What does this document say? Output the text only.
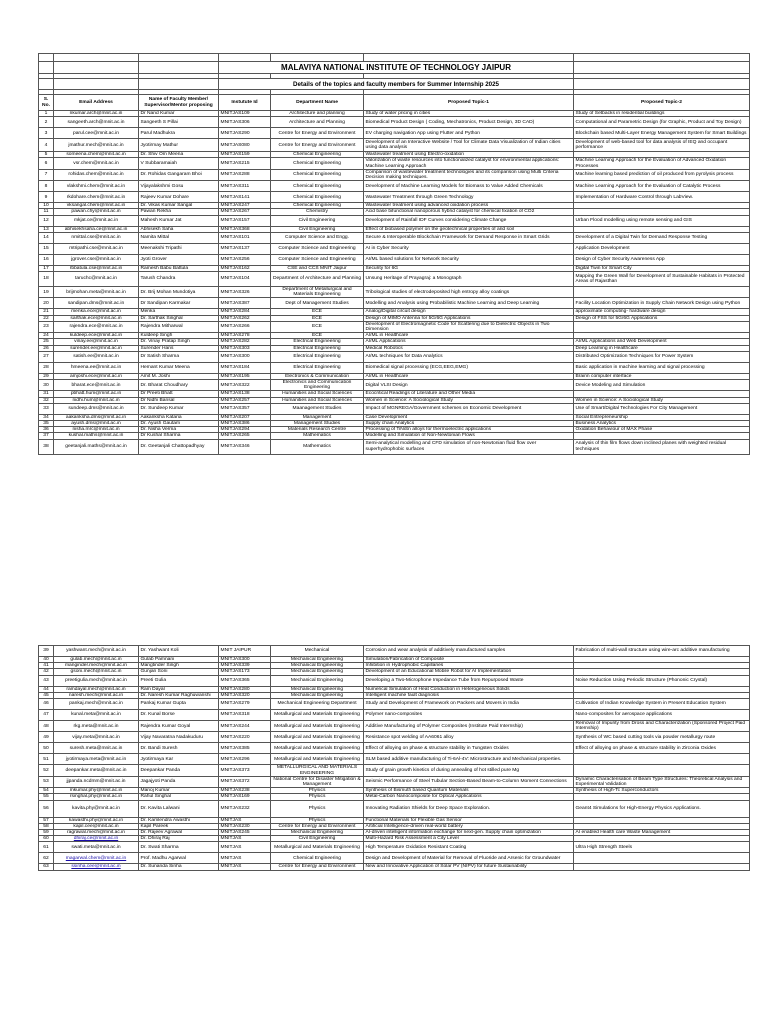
			MALAVIYA NATIONAL INSTITUTE OF TECHNOLOGY JAIPUR			

			Details of the topics and faculty members for Summer Internship 2025			

S. No.	Email Address	Name of Faculty Member/ Supervisor/Mentor proposing	Instutute Id	Department Name	Proposed Topic-1	Proposed Topic-2
1	nkumar.arch@mnit.ac.in	Dr Nand Kumar	MNITJAS109	Architecture and planning	Study of water pricing in cities	Study of Setbacks in residential buildings
2	sangeeth.arch@mnit.ac.in	Sangeeth S Pillai	MNITJAS306	Architecture and Planning	Biomedical Product Design ( Coding, Mechatronics, Product Design, 3D CAD)	Computational and Parametric Design (for Graphic, Product and Toy Design)
3	parul.cee@mnit.ac.in	Parul Madhukra	MNITJAS290	Centre for Energy and Environment	EV charging navigation App using Flutter and Python	Blockchain based Multi-Layer Energy Management System for Smart Buildings
4	jmathur.mech@mnit.ac.in	Jyotirmay Mathur	MNITJAS080	Centre for Energy and Environment	Development of an Interactive Website / Tool for Climate Data Visualization of Indian cities using data analysis	Development of web-based tool for data analysis of IEQ and occupant performance
5	someena.chem@mnit.ac.in	Dr. Shiv Om Meena	MNITJAS159	Chemical Engineering	Wastewater treatment using Electro-oxidation	
6	vsr.chem@mnit.ac.in	V Subbaramaiah	MNITJAS215	Chemical Engineering	Valorization of waste resources into functionalized catalyst for environmental applications: Machine Learning Approach	Machine Learning Approach for the Evaluation of Advanced Oxidation Processes
7	rohidas.chem@mnit.ac.in	Dr. Rohidas Gangaram Bhoi	MNITJAS288	Chemical Engineering	Comparison of wastewater treatment technologies and its comparison using Multi Criteria Decision making techniques.	Machine learning based prediction of oil produced from pyrolysis process
8	vlakshmi.chem@mnit.ac.in	Vijayalakshmi Gosu	MNITJAS311	Chemical Engineering	Development of Machine Learning Models for Biomass to Value Added Chemicals	Machine Learning Approach for the Evaluation of Catalytic Process
9	rkdohare.chem@mnit.ac.in	Rajeev Kumar Dohare	MNITJAS141	Chemical Engineering	Wastewater Treatment through Green Technology	Implementation of Hardware Control through LabView.
10	vksangal.chem@mnit.ac.in	Dr. Vikas Kumar Sangal	MNITJAS247	Chemical Engineering	Wastewater treatment using advanced oxidation process	
11	pawan.chy@mnit.ac.in	Pawan Rekha	MNITJAS267	Chemistry	Acid base bifunctional nanoporous hybrid catalyst for chemical fixation of CO2	
12	mkjat.ce@mnit.ac.in	Mahesh Kumar Jat	MNITJAS157	Civil Engineering	Development of Rainfall IDF Curves considering Climate Change	Urban Flood modelling using remote sensing and GIS
13	abhisekhsaha.ce@mnit.ac.in	Abhisekh Saha	MNITJAS368	Civil Engineering	Effect of biobased polymer on the geotechnical properties of arid soil	
14	nmittal.cse@mnit.ac.in	Namita Mittal	MNITJAS101	Computer Science and Engg.	Secure & Interoperable Blockchain Framework for Demand Response in Smart Grids	Development of a Digital Twin for Demand Response Testing
15	mtripathi.cse@mnit.ac.in	Meenakshi Tripathi	MNITJAS137	Computer Science and Engineering	AI in Cyber Security	Application Development
16	jgrover.cse@mnit.ac.in	Jyoti Grover	MNITJAS256	Computer Science and Engineering	AI/ML based solutions for Network Security	Design of Cyber Security Awareness App
17	rbbatula.cse@mnit.ac.in	Ramesh Babu Battula	MNITJAS162	CSE and CCS MNIT Jaipur	Security for 6G	Digital Twin for Smart City
18	taruchc@mnit.ac.in	Tarush Chandra	MNITJAS104	Department of Architecture and Planning	Unsung Heritage of Prayagraj: a Monograph	Mapping the Green Wall for Development of Sustainable Habitats in Protected Areas of Rajasthan
19	brijmohan.meta@mnit.ac.in	Dr. Brij Mohan Mundotiya	MNITJAS326	Department of Metallurgical and Materials Engineering	Tribological studies of electrodeposited high entropy alloy coatings	
20	sandipan.dms@mnit.ac.in	Dr Sandipan Karmakar	MNITJAS387	Dept of Management Studies	Modelling and Analysis using Probabilistic Machine Learning and Deep Learning	Facility Location Optimization in Supply Chain Network Design using Python
21	menka.ece@mnit.ac.in	Menka	MNITJAS284	ECE	Analog/Digital circuit design	approximate computing- hardware design
22	sarthak.ece@mnit.ac.in	Dr. Sarthak Singhal	MNITJAS262	ECE	Design of MIMO Antenna for 5G/6G Applications	Design of FSS for 5G/6G Applications
23	rajendra.ece@mnit.ac.in	Rajendra Mitharwal	MNITJAS266	ECE	Development of Electromagnetic Code for Scattering due to Dielectric Objects in Two Dimension	
24	kuldeep.ece@mnit.ac.in	Kuldeep Singh	MNITJAS278	ECE	AI/ML in Healthcare	
25	vinay.ee@mnit.ac.in	Dr. Vinay Pratap Singh	MNITJAS282	Electrical Engineering	AI/ML Applications	AI/ML Applications and Web Development
26	surender.ee@mnit.ac.in	Surender Hans	MNITJAS303	Electrical Engineering	Medical Robotics	Deep Learning in Healthcare
27	satish.ee@mnit.ac.in	Dr Satish Sharma	MNITJAS300	Electrical Engineering	AI/ML techniques for Data Analytics	Distributed Optimization Techniques for Power System
28	hmeena.ee@mnit.ac.in	Hemant Kumar Meena	MNITJAS184	Electrical Engineering	Biomedical signal processing (ECG,EEG,EMG)	Basic application in machine learning and signal processing
29	amjoshi.ece@mnit.ac.in	Amit M. Joshi	MNITJAS195	Electronics & Communication	AI/ML in Healthcare	Brainn computer interface
30	bharat.ece@mnit.ac.in	Dr. Bharat Choudhary	MNITJAS322	Electronics and Communication Engineering	Digital VLSI Design	Device Modeling and Simulation
31	pbhatt.hum@mnit.ac.in	Dr Preeti Bhatt	MNITJAS138	Humanities and Social Sciences	Ecocritical Readings of Literature and Other Media	
32	nidhi.hum@mnit.ac.in	Dr Nidhi Bansal	MNITJAS257	Humanities and Social Sciences	Women in Science: A Sociological Study	Women in Science: A Sociological Study
33	sundeep.dms@mnit.ac.in	Dr. Sundeep Kumar	MNITJAS357	Maanagement Studies	Impact of MGNREGA/Government schemes on Economic Development	Use of Smart/Digital Technologies For City Management
34	aakanksha.dms@mnit.ac.in	Aakanksha Kataria	MNITJAS207	Management	Case Development	Social Entrepreneurship
35	ayush.dms@mnit.ac.in	Dr. Ayush Gautam	MNITJAS386	Management Studies	Supply chain Analytics	Business Analytics
36	nisha.mrc@mnit.ac.in	Dr. Nisha Verma	MNITJAS294	Materials Research Centre	Processing of TiNiSn alloys for thermoelectric applications	Oxidation Behaviour of MAX Phase
37	kushal.maths@mnit.ac.in	Dr Kushal Sharma	MNITJAS265	Mathematics	Modelling and Simulation of Non-Newtonian Flows	
38	geetanjali.maths@mnit.ac.in	Dr. Geetanjali Chattopadhyay	MNITJAS346	Mathematics	Semi-analytical modelling and CFD simulation of non-Newtonian fluid flow over superhydrophobic surfaces	Analysis of thin film flows down inclined planes with weighted residual techniques
39	yashwant.mech@mnit.ac.in	Dr. Yashwant Koli	MNIT JAIPUR	Mechanical	Corrosion and wear analysis of additively manufactured samples	Fabrication of multi-wall structure using wire-arc additive manufacturing
40	gulab.mech@mnit.ac.in	Gulab Pamnani	MNITJAS300	Mechanical Engineering	Simulation/Fabrication of Composite	
41	manginder.mech@mnit.ac.in	Mangtinder Singh	MNITJAS339	Mechanical Engineering	Inhibition in Hydrophobic Capillaries	
42	gsoni.mech@mnit.ac.in	Gunjan Soni	MNITJAS173	Mechanical Engineering	Development of an Educational Mobile Robot for AI Implementation	
43	preetigulia.mech@mnit.ac.in	Preeti Gulia	MNITJAS365	Mechanical Engineering	Developing a Two-Microphone Impedance Tube from Repurposed Waste	Noise Reduction Using Periodic Structure (Phononic Crystal)
44	ramdayal.mech@mnit.ac.in	Ram Dayal	MNITJAS280	Mechanical Engineering	Numerical Simulation of Heat Conduction in Heterogeneous Solids	
45	naresh.mech@mnit.ac.in	Dr. Naresh Kumar Raghuwanshi	MNITJAS320	Mechanical Engineering	Intelligent machine fault diagnosis	
46	pankaj.mech@mnit.ac.in	Pankaj Kumar Gupta	MNITJAS279	Mechanical Engineering Department	Study and Development of Framework on Packers and Movers in India	Cultivation of Indian Knowledge System in Present Education System
47	kunal.meta@mnit.ac.in	Dr. Kunal Borse	MNITJAS318	Metallurgical and Materials Engineering	Polymer nano-composites	Nano-composites for aerospace applications
48	rkg.meta@mnit.ac.in	Rajendra Kumar Goyal	MNITJAS244	Metallurgical and Materials Engineering	Additive Manufacturing of Polymer Composites (Institute Paid Internship)	Removal of Impurity from Dross and Characterization (Sponsored Project Paid Internship)
49	vijay.meta@mnit.ac.in	Vijay Navaratna Nadakuduru	MNITJAS220	Metallurgical and Materials Engineering	Resistance spot welding of AA6061 alloy	Synthesis of WC based cutting tools via powder metallurgy route
50	suresh.meta@mnit.ac.in	Dr. Bandi Suresh	MNITJAS385	Metallurgical and Materials Engineering	Effect of alloying on phase & structure stability in Tungsten Oxides	Effect of alloying on phase & structure stability in Zirconia Oxides
51	jyotirmaya.meta@mnit.ac.in	Jyotirmaya Kar	MNITJAS296	Metallurgical and Materials Engineering	SLM based additive manufacturing of Ti-6Al-4V: Microstructure and Mechanical properties.	
52	deepankar.meta@mnit.ac.in	Deepankar Panda	MNITJAS373	METALLURGICAL AND MATERIALS ENGINEERING	Study of grain growth kinetics of during annealing of hot stilled pure Mg	
53	jjpanda.ncdmm@mnit.ac.in	Jagajyoti Panda	MNITJAS372	National Centre for Disaster Mitigation & Management	Seismic Performance of Steel Tubular Section-Based Beam-to-Column Moment Connections	Dynamic Characterisation of Beam Type Structures: Theoretical Analysis and Experimental Validation
54	mkumar.phy@mnit.ac.in	Manoj Kumar	MNITJAS238	Physics	Synthesis of Bismuth based Quantum Materials	Synthesis of High-Tc Superconductors
55	rsinghal.phy@mnit.ac.in	Rahul Singhal	MNITJAS169	Physics	Metal-Carbon Nanocomposite for Optical Applications	
56	kavita.phy@mnit.ac.in	Dr. Kavita Lalwani	MNITJAS232	Physics	Innovating Radiation Shields for Deep Space Exploration.	Geant4 Simulations for High-Energy Physics Applications.
57	kawasthi.phy@mnit.ac.in	Dr. Kamlendra Awasthi	MNITJAS	Physics	Functional Materials for Flexible Gas Sensor	
58	kapil.cee@mnit.ac.in	Kapil Pareek	MNITJAS230	Centre for Energy and Environment	Artificial Intelligence-driven real-world battery	
59	ragrawal.mech@mnit.ac.in	Dr. Rajeev Agrawal	MNITJAS245	Mechanical Engineering	AI-driven intelligent information exchange for next-gen. Supply chain optimization	AI enabled Health care Waste Management
60	dhiraj.ce@mnit.ac.in	Dr. Dhiraj Raj	MNITJAS	Civil Engineering	Multi-Hazard Risk Assessment a City Level	
61	swati.meta@mnit.ac.in	Dr. Swati Sharma	MNITJAS	Metallurgical and Materials Engineering	High Temperature Oxidation Resistant Coating	Ultra High Strength Steels
62	magarwal.chem@mnit.ac.in	Prof. Madhu Agarwal	MNITJAS	Chemical Engineering	Design and Development of Material for Removal of Fluoride and Arsenic for Groundwater	
63	ssinha.cee@mnit.ac.in	Dr. Sunanda Sinha	MNITJAS	Centre for Energy and Environment	New and Innovative Application of Solar PV (NIPV) for future Sustainability	
